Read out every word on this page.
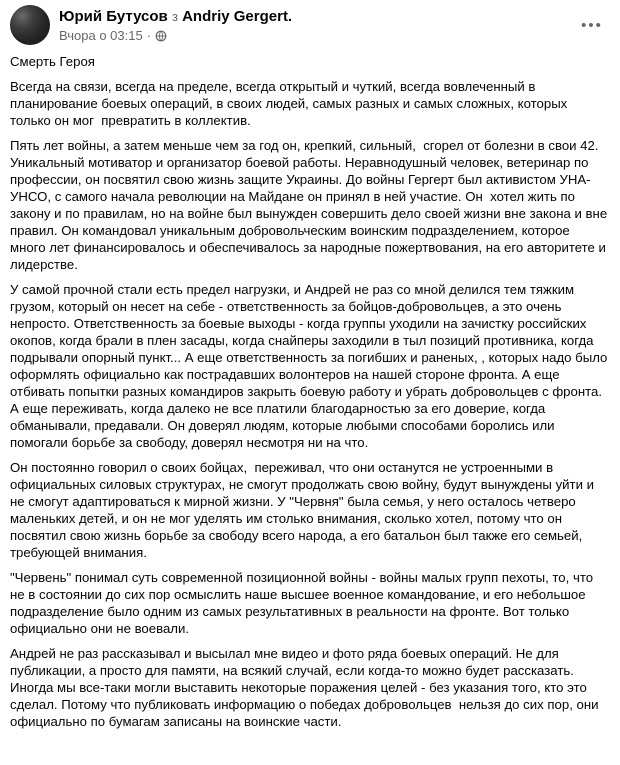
Юрий Бутусов з Andriy Gergert.
Вчора о 03:15 ·
•••

Смерть Героя

Всегда на связи, всегда на пределе, всегда открытый и чуткий, всегда вовлеченный в планирование боевых операций, в своих людей, самых разных и самых сложных, которых только он мог  превратить в коллектив.

Пять лет войны, а затем меньше чем за год он, крепкий, сильный,  сгорел от болезни в свои 42. Уникальный мотиватор и организатор боевой работы. Неравнодушный человек, ветеринар по профессии, он посвятил свою жизнь защите Украины. До войны Гергерт был активистом УНА-УНСО, с самого начала революции на Майдане он принял в ней участие. Он  хотел жить по закону и по правилам, но на войне был вынужден совершить дело своей жизни вне закона и вне правил. Он командовал уникальным добровольческим воинским подразделением, которое много лет финансировалось и обеспечивалось за народные пожертвования, на его авторитете и лидерстве.

У самой прочной стали есть предел нагрузки, и Андрей не раз со мной делился тем тяжким грузом, который он несет на себе - ответственность за бойцов-добровольцев, а это очень непросто. Ответственность за боевые выходы - когда группы уходили на зачистку российских окопов, когда брали в плен засады, когда снайперы заходили в тыл позиций противника, когда подрывали опорный пункт... А еще ответственность за погибших и раненых, , которых надо было оформлять официально как пострадавших волонтеров на нашей стороне фронта. А еще отбивать попытки разных командиров закрыть боевую работу и убрать добровольцев с фронта. А еще переживать, когда далеко не все платили благодарностью за его доверие, когда обманывали, предавали. Он доверял людям, которые любыми способами боролись или помогали борьбе за свободу, доверял несмотря ни на что.

Он постоянно говорил о своих бойцах,  переживал, что они останутся не устроенными в официальных силовых структурах, не смогут продолжать свою войну, будут вынуждены уйти и не смогут адаптироваться к мирной жизни. У "Червня" была семья, у него осталось четверо маленьких детей, и он не мог уделять им столько внимания, сколько хотел, потому что он посвятил свою жизнь борьбе за свободу всего народа, а его батальон был также его семьей, требующей внимания.

"Червень" понимал суть современной позиционной войны - войны малых групп пехоты, то, что не в состоянии до сих пор осмыслить наше высшее военное командование, и его небольшое подразделение было одним из самых результативных в реальности на фронте. Вот только официально они не воевали.

Андрей не раз рассказывал и высылал мне видео и фото ряда боевых операций. Не для публикации, а просто для памяти, на всякий случай, если когда-то можно будет рассказать. Иногда мы все-таки могли выставить некоторые поражения целей - без указания того, кто это сделал. Потому что публиковать информацию о победах добровольцев  нельзя до сих пор, они официально по бумагам записаны на воинские части.
